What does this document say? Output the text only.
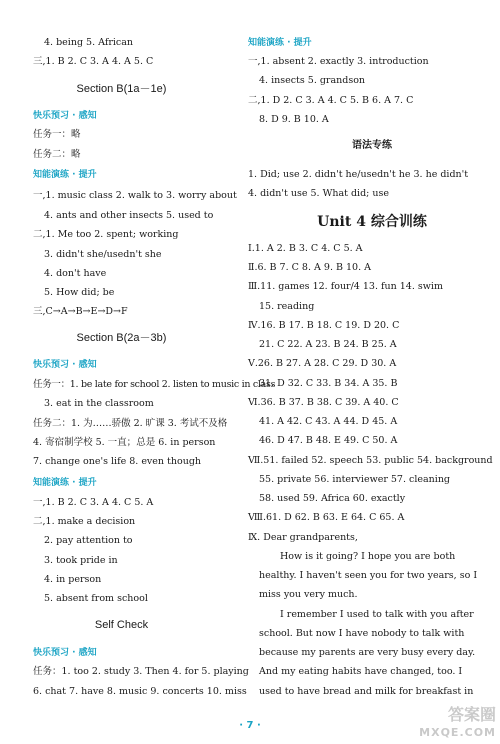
4. being 5. African
三,1. B 2. C 3. A 4. A 5. C
Section B(1a－1e)
快乐预习 · 感知
任务一：略
任务二：略
知能演练 · 提升
一,1. music class 2. walk to 3. worry about
4. ants and other insects 5. used to
二,1. Me too 2. spent; working
3. didn't she/usedn't she
4. don't have
5. How did; be
三,C→A→B→E→D→F
Section B(2a－3b)
快乐预习 · 感知
任务一：1. be late for school 2. listen to music in class
3. eat in the classroom
任务二：1. 为……骄傲 2. 旷课 3. 考试不及格
4. 寄宿制学校 5. 一直；总是 6. in person
7. change one's life 8. even though
知能演练 · 提升
一,1. B 2. C 3. A 4. C 5. A
二,1. make a decision
2. pay attention to
3. took pride in
4. in person
5. absent from school
Self Check
快乐预习 · 感知
任务：1. too 2. study 3. Then 4. for 5. playing
6. chat 7. have 8. music 9. concerts 10. miss
知能演练 · 提升
一,1. absent 2. exactly 3. introduction
4. insects 5. grandson
二,1. D 2. C 3. A 4. C 5. B 6. A 7. C
8. D 9. B 10. A
语法专练
1. Did; use 2. didn't he/usedn't he 3. he didn't
4. didn't use 5. What did; use
Unit 4 综合训练
Ⅰ.1. A 2. B 3. C 4. C 5. A
Ⅱ.6. B 7. C 8. A 9. B 10. A
Ⅲ.11. games 12. four/4 13. fun 14. swim
15. reading
Ⅳ.16. B 17. B 18. C 19. D 20. C
21. C 22. A 23. B 24. B 25. A
Ⅴ.26. B 27. A 28. C 29. D 30. A
31. D 32. C 33. B 34. A 35. B
Ⅵ.36. B 37. B 38. C 39. A 40. C
41. A 42. C 43. A 44. D 45. A
46. D 47. B 48. E 49. C 50. A
Ⅶ.51. failed 52. speech 53. public 54. background
55. private 56. interviewer 57. cleaning
58. used 59. Africa 60. exactly
Ⅷ.61. D 62. B 63. E 64. C 65. A
Ⅸ. Dear grandparents,
How is it going? I hope you are both
healthy. I haven't seen you for two years, so I
miss you very much.
I remember I used to talk with you after
school. But now I have nobody to talk with
because my parents are very busy every day.
And my eating habits have changed, too. I
used to have bread and milk for breakfast in
· 7 ·
答案圈
MXQE.COM
